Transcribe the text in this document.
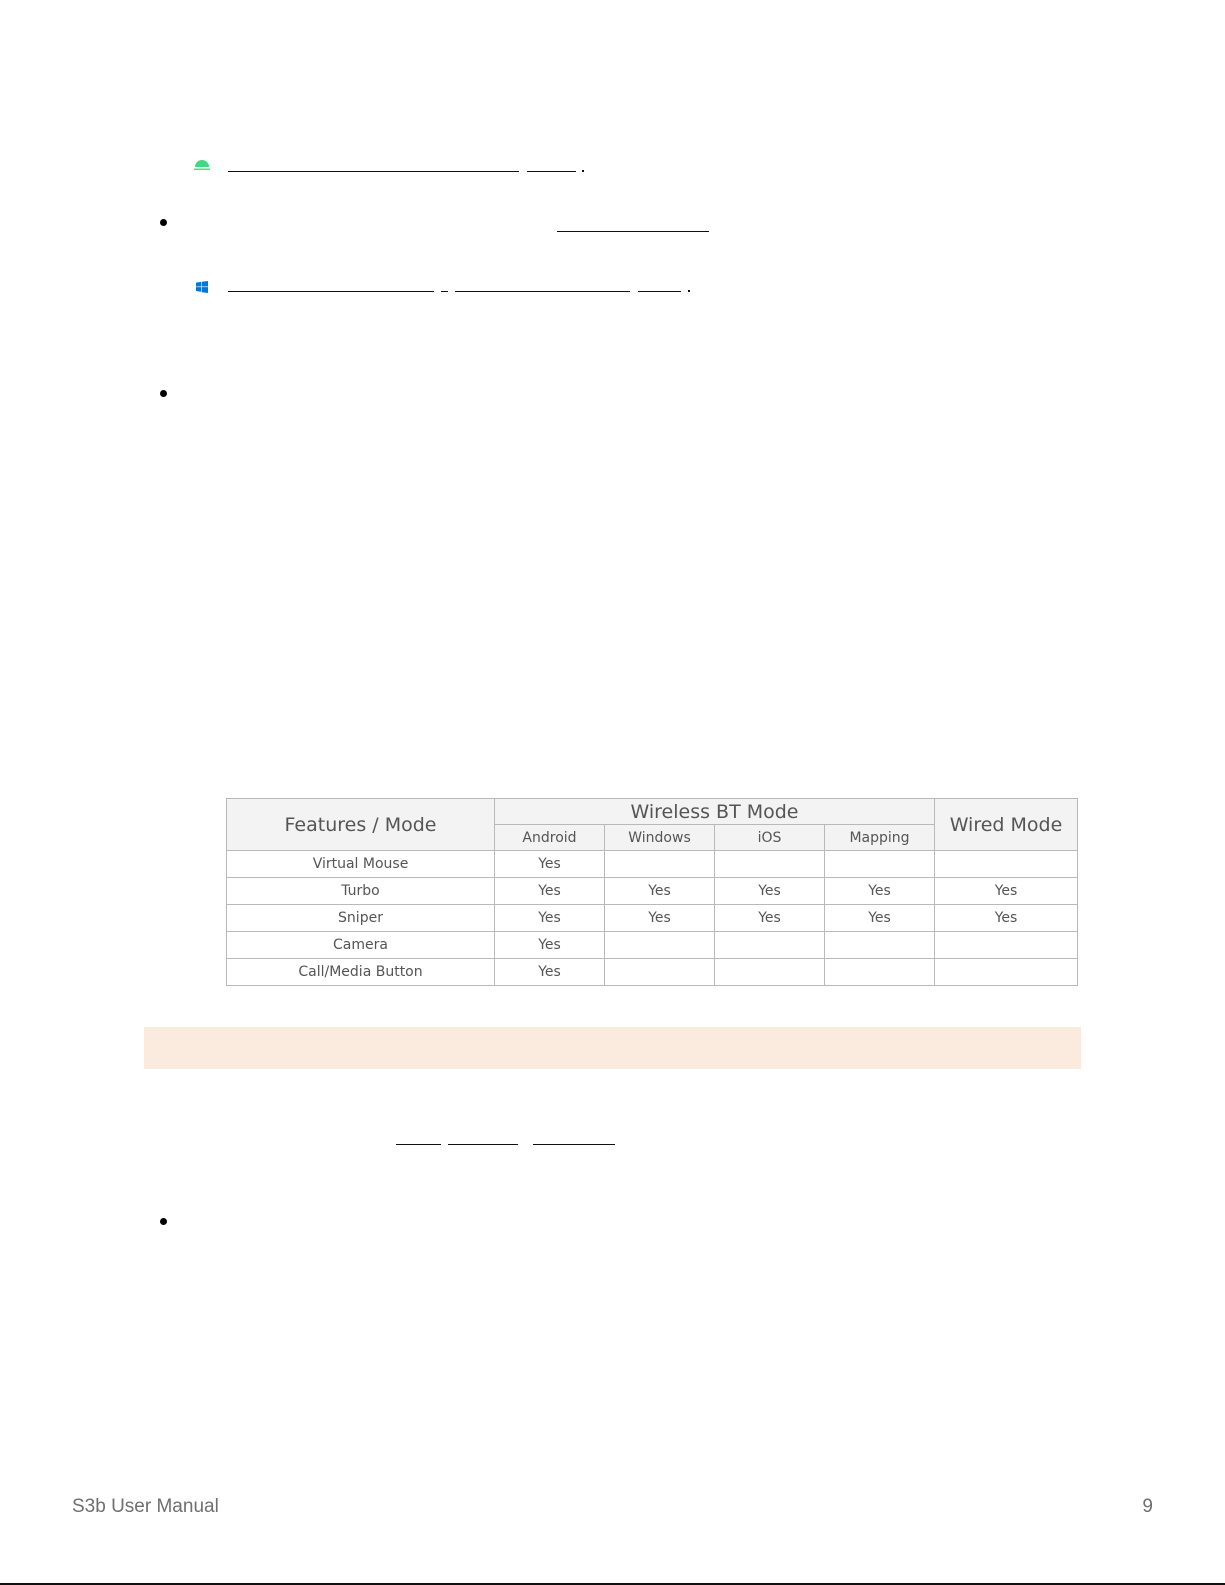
Features / Mode	Wireless BT Mode				Wired Mode
	Android	Windows	iOS	Mapping	
Virtual Mouse	Yes				
Turbo	Yes	Yes	Yes	Yes	Yes
Sniper	Yes	Yes	Yes	Yes	Yes
Camera	Yes				
Call/Media Button	Yes				
S3b User Manual	9
